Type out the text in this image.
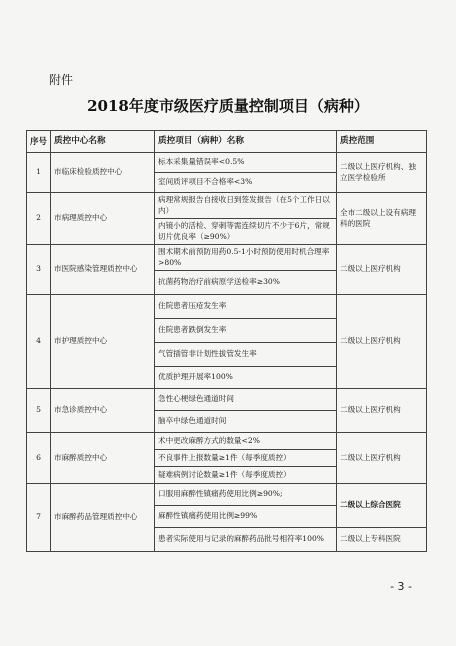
附件
2018年度市级医疗质量控制项目（病种）
序号	质控中心名称	质控项目（病种）名称	质控范围
1	市临床检验质控中心	标本采集量错误率<0.5%	二级以上医疗机构、独立医学检验所
		室间质评项目不合格率<3%	
2	市病理质控中心	病理常规报告自接收日到签发报告（在5个工作日以内）	全市二级以上设有病理科的医院
		内镜小的活检、穿刺等需连续切片不少于6片，常规切片优良率（≥90%）	
3	市医院感染管理质控中心	围术期术前预防用药0.5-1小时预防使用时机合理率>80%	二级以上医疗机构
		抗菌药物治疗前病原学送检率≥30%	
4	市护理质控中心	住院患者压疮发生率	二级以上医疗机构
		住院患者跌倒发生率	
		气管插管非计划性拔管发生率	
		优质护理开展率100%	
5	市急诊质控中心	急性心梗绿色通道时间	二级以上医疗机构
		脑卒中绿色通道时间	
6	市麻醉质控中心	术中更改麻醉方式的数量<2%	二级以上医疗机构
		不良事件上报数量≥1件（每季度质控）	
		疑难病例讨论数量≥1件（每季度质控）	
7	市麻醉药品管理质控中心	口服用麻醉性镇痛药使用比例≥90%;	二级以上综合医院
		麻醉性镇痛药使用比例≥99%	
		患者实际使用与记录的麻醉药品批号相符率100%	二级以上专科医院
- 3 -
